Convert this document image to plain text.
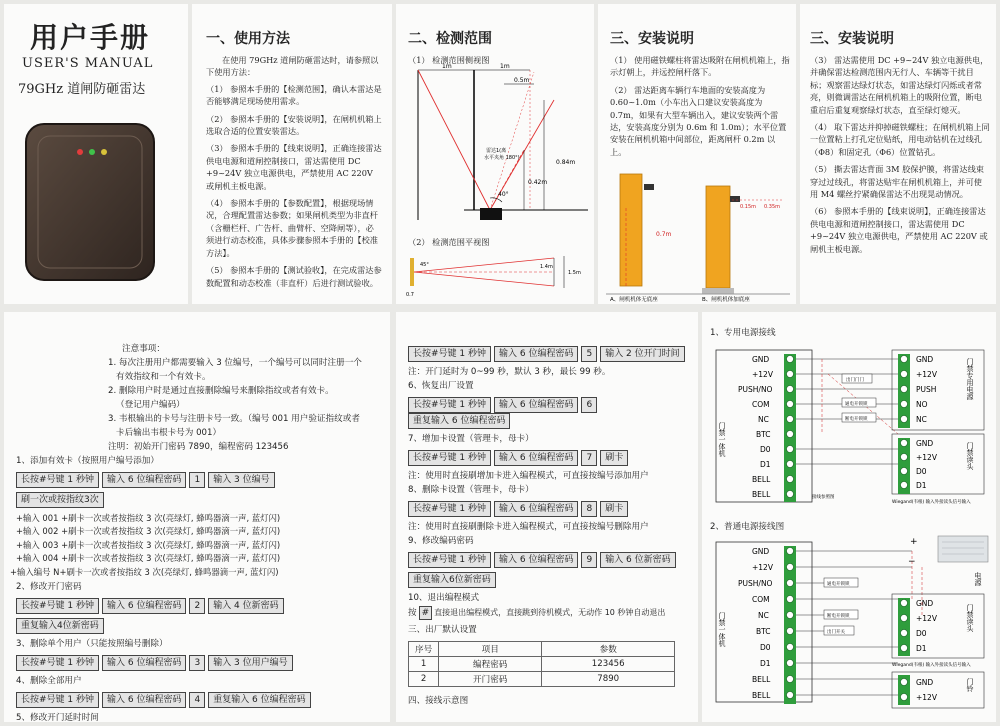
用户手册
USER'S MANUAL
79GHz 道闸防砸雷达
一、使用方法
在使用 79GHz 道闸防砸雷达时，请参照以下使用方法：
（1） 参照本手册的【检测范围】，确认本雷达是否能够满足现场使用需求。
（2） 参照本手册的【安装说明】，在闸机机箱上选取合适的位置安装雷达。
（3） 参照本手册的【线束说明】，正确连接雷达供电电源和道闸控制接口，雷达需使用 DC +9~24V 独立电源供电，严禁使用 AC 220V 或闸机主板电源。
（4） 参照本手册的【参数配置】，根据现场情况，合理配置雷达参数；如果闸机类型为非直杆（含栅栏杆、广告杆、曲臂杆、空降闸等），必须进行动态校准，具体步骤参照本手册的【校准方法】。
（5） 参照本手册的【测试验收】，在完成雷达参数配置和动态校准（非直杆）后进行测试验收。
二、检测范围
（1） 检测范围侧视图
1m	1m
0.5m
0.84m
0.42m
40°
雷达1(离
水平夹角 180°)
（2） 检测范围平视图
1.4m
1.5m
45°
0.7
三、安装说明
（1） 使用磁铁螺柱将雷达吸附在闸机机箱上，指示灯朝上，并远控闸杆落下。
（2） 雷达距离车辆行车地面的安装高度为 0.60~1.0m（小车出入口建议安装高度为 0.7m，如果有大型车辆出入，建议安装两个雷达，安装高度分别为 0.6m 和 1.0m）；水平位置安装在闸机机箱中间部位，距离闸杆 0.2m 以上。
0.15m 0.35m
0.7m
A、闸机机体无底座	B、闸机机体加底座
三、安装说明
（3） 雷达需使用 DC +9~24V 独立电源供电，并确保雷达检测范围内无行人、车辆等干扰目标；观察雷达绿灯状态，如雷达绿灯闪烁或者常亮，则微调雷达在闸机机箱上的吸附位置，断电重启后重复观察绿灯状态，直至绿灯熄灭。
（4） 取下雷达并抑掉磁铁螺柱；在闸机机箱上同一位置粘上打孔定位贴纸，用电动钻机在过线孔（Φ8）和固定孔（Φ6）位置钻孔。
（5） 撕去雷达背面 3M 胶保护膜，将雷达线束穿过过线孔，将雷达贴牢在闸机机箱上，并可使用 M4 螺丝拧紧确保雷达不出现晃动情况。
（6） 参照本手册的【线束说明】，正确连接雷达供电电源和道闸控制接口，雷达需使用 DC +9~24V 独立电源供电，严禁使用 AC 220V 或闸机主板电源。
注意事项：
1. 每次注册用户都需要输入 3 位编号，一个编号可以同时注册一个
有效指纹和一个有效卡。
2. 删除用户时是通过直接删除编号来删除指纹或者有效卡。
（登记用户编码）
3. 韦根输出的卡号与注册卡号一致。（编号 001 用户验证指纹或者
卡后输出韦根卡号为 001）
注明：初始开门密码 7890，编程密码 123456
1、添加有效卡（按照用户编号添加）
长按#号键 1 秒钟 输入 6 位编程密码 1 输入 3 位编号
刷一次或按指纹3次
+输入 001 +刷卡一次或者按指纹 3 次(亮绿灯, 蜂鸣器滴一声, 蓝灯闪)
+输入 002 +刷卡一次或者按指纹 3 次(亮绿灯, 蜂鸣器滴一声, 蓝灯闪)
+输入 003 +刷卡一次或者按指纹 3 次(亮绿灯, 蜂鸣器滴一声, 蓝灯闪)
+输入 004 +刷卡一次或者按指纹 3 次(亮绿灯, 蜂鸣器滴一声, 蓝灯闪)
+输入编号 N+刷卡一次或者按指纹 3 次(亮绿灯, 蜂鸣器滴一声, 蓝灯闪)
2、修改开门密码
长按#号键 1 秒钟 输入 6 位编程密码 2 输入 4 位新密码
重复输入4位新密码
3、删除单个用户（只能按照编号删除）
长按#号键 1 秒钟 输入 6 位编程密码 3 输入 3 位用户编号
4、删除全部用户
长按#号键 1 秒钟 输入 6 位编程密码 4 重复输入 6 位编程密码
5、修改开门延时时间
长按#号键 1 秒钟 输入 6 位编程密码 5 输入 2 位开门时间
注：开门延时为 0~99 秒，默认 3 秒，最长 99 秒。
6、恢复出厂设置
长按#号键 1 秒钟 输入 6 位编程密码 6重复输入 6 位编程密码
7、增加卡设置（管理卡，母卡）
长按#号键 1 秒钟 输入 6 位编程密码 7 刷卡
注：使用时直接刷增加卡进入编程模式，可直接按编号添加用户
8、删除卡设置（管理卡，母卡）
长按#号键 1 秒钟 输入 6 位编程密码 8 刷卡
注：使用时直接刷删除卡进入编程模式，可直接按编号删除用户
9、修改编码密码
长按#号键 1 秒钟 输入 6 位编程密码 9 输入 6 位新密码
重复输入6位新密码
10、退出编程模式
按 # 直接退出编程模式，直接跳到待机模式，无动作 10 秒钟自动退出
三、出厂默认设置
序号	项目	参数
1	编程密码	123456
2	开门密码	7890
四、接线示意图
1、专用电源接线
2、普通电源接线图
门禁一体机
GND
+12V
PUSH/NO
COM
NC
BTC
D0
D1
BELL
BELL
出门门门
通电开锁锁
断电开锁锁
接线参照图
GND
+12V
PUSH
NO
NC
门禁专用电源
GND
+12V
D0
D1
门禁读头
Wiegand(韦根) 输入外接读头信号输入
门禁一体机
GND
+12V
PUSH/NO
COM
NC
BTC
D0
D1
BELL
BELL
通电开锁锁
断电开锁锁
出门开关
电源
+
−
GND
+12V
D0
D1
门禁读头
Wiegand(韦根) 输入外接读头信号输入
GND
+12V
门铃
